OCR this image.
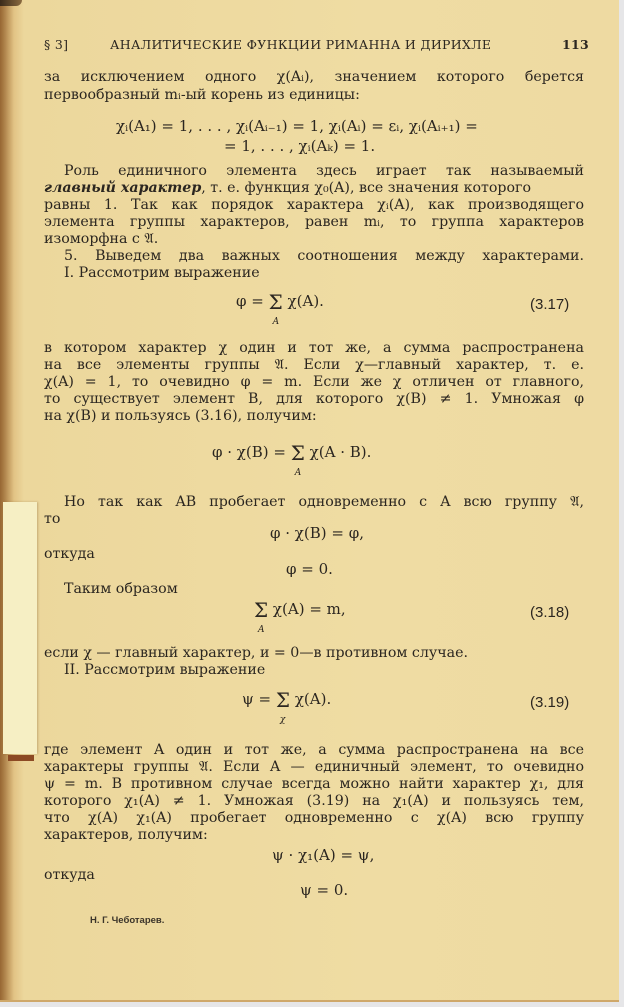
§ 3]	АНАЛИТИЧЕСКИЕ ФУНКЦИИ РИМАННА И ДИРИХЛЕ	113
за исключением одного χ(Aᵢ), значением которого берется
первообразный mᵢ-ый корень из единицы:
χᵢ(A₁) = 1, . . . , χᵢ(Aᵢ₋₁) = 1, χᵢ(Aᵢ) = εᵢ, χᵢ(Aᵢ₊₁) =
= 1, . . . , χᵢ(Aₖ) = 1.
Роль единичного элемента здесь играет так называемый
главный характер, т. е. функция χ₀(A), все значения которого
равны 1. Так как порядок характера χᵢ(A), как производящего
элемента группы характеров, равен mᵢ, то группа характеров
изоморфна с 𝔄.
5. Выведем два важных соотношения между характерами.
I. Рассмотрим выражение
φ = Σ
A
χ(A).	(3.17)
в котором характер χ один и тот же, а сумма распространена
на все элементы группы 𝔄. Если χ—главный характер, т. е.
χ(A) = 1, то очевидно φ = m. Если же χ отличен от главного,
то существует элемент B, для которого χ(B) ≠ 1. Умножая φ
на χ(B) и пользуясь (3.16), получим:
φ · χ(B) = Σ
A
χ(A · B).
Но так как AB пробегает одновременно с A всю группу 𝔄,
то
φ · χ(B) = φ,
откуда
φ = 0.
Таким образом
Σ
A
χ(A) = m,	(3.18)
если χ — главный характер, и = 0—в противном случае.
II. Рассмотрим выражение
ψ = Σ
χ
χ(A).	(3.19)
где элемент A один и тот же, а сумма распространена на все
характеры группы 𝔄. Если A — единичный элемент, то очевидно
ψ = m. В противном случае всегда можно найти характер χ₁, для
которого χ₁(A) ≠ 1. Умножая (3.19) на χ₁(A) и пользуясь тем,
что χ(A) χ₁(A) пробегает одновременно с χ(A) всю группу
характеров, получим:
ψ · χ₁(A) = ψ,
откуда
ψ = 0.
Н. Г. Чеботарев.
